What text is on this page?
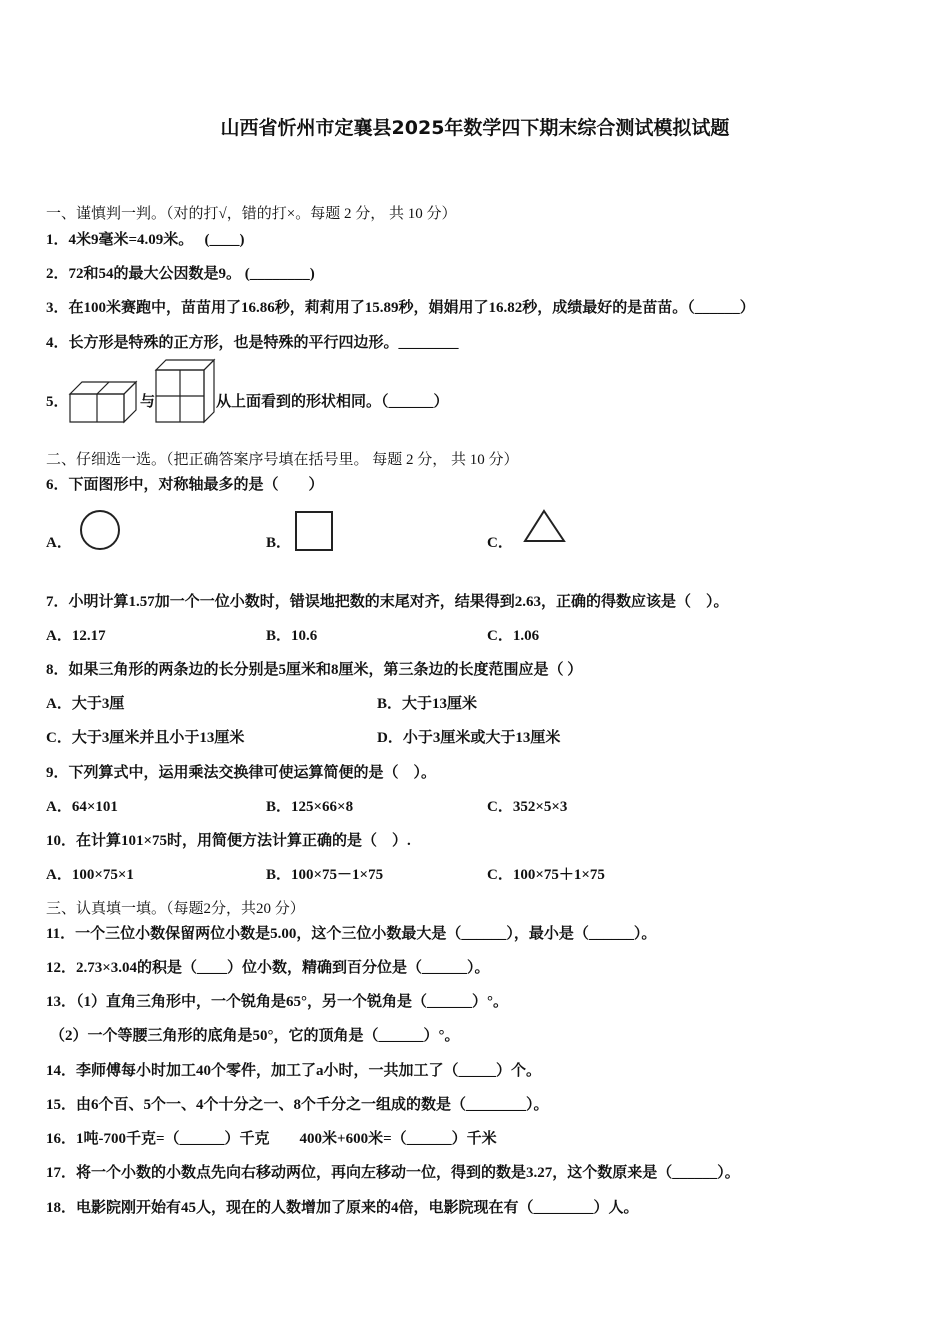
山西省忻州市定襄县2025年数学四下期末综合测试模拟试题
一、谨慎判一判。（对的打√，错的打×。每题 2 分， 共 10 分）
1．4米9毫米=4.09米。　 (____)
2．72和54的最大公因数是9。 (________)
3．在100米赛跑中，苗苗用了16.86秒，莉莉用了15.89秒，娟娟用了16.82秒，成绩最好的是苗苗。（______）
4．长方形是特殊的正方形，也是特殊的平行四边形。________
5．	与	从上面看到的形状相同。（______）
二、仔细选一选。（把正确答案序号填在括号里。 每题 2 分， 共 10 分）
6．下面图形中，对称轴最多的是（　　）
A．	B．	C．
7．小明计算1.57加一个一位小数时，错误地把数的末尾对齐，结果得到2.63，正确的得数应该是（　）。
A．12.17	B．10.6	C．1.06
8．如果三角形的两条边的长分别是5厘米和8厘米，第三条边的长度范围应是（ ）
A．大于3厘	B．大于13厘米
C．大于3厘米并且小于13厘米	D．小于3厘米或大于13厘米
9．下列算式中，运用乘法交换律可使运算简便的是（　）。
A．64×101	B．125×66×8	C．352×5×3
10．在计算101×75时，用简便方法计算正确的是（　）.
A．100×75×1	B．100×75－1×75	C．100×75＋1×75
三、认真填一填。（每题2分，共20 分）
11．一个三位小数保留两位小数是5.00，这个三位小数最大是（______），最小是（______）。
12．2.73×3.04的积是（____）位小数，精确到百分位是（______）。
13．（1）直角三角形中，一个锐角是65°，另一个锐角是（______）°。
（2）一个等腰三角形的底角是50°，它的顶角是（______）°。
14．李师傅每小时加工40个零件，加工了a小时，一共加工了（_____）个。
15．由6个百、5个一、4个十分之一、8个千分之一组成的数是（________）。
16．1吨-700千克=（______）千克　　400米+600米=（______）千米
17．将一个小数的小数点先向右移动两位，再向左移动一位，得到的数是3.27，这个数原来是（______）。
18．电影院刚开始有45人，现在的人数增加了原来的4倍，电影院现在有（________）人。
